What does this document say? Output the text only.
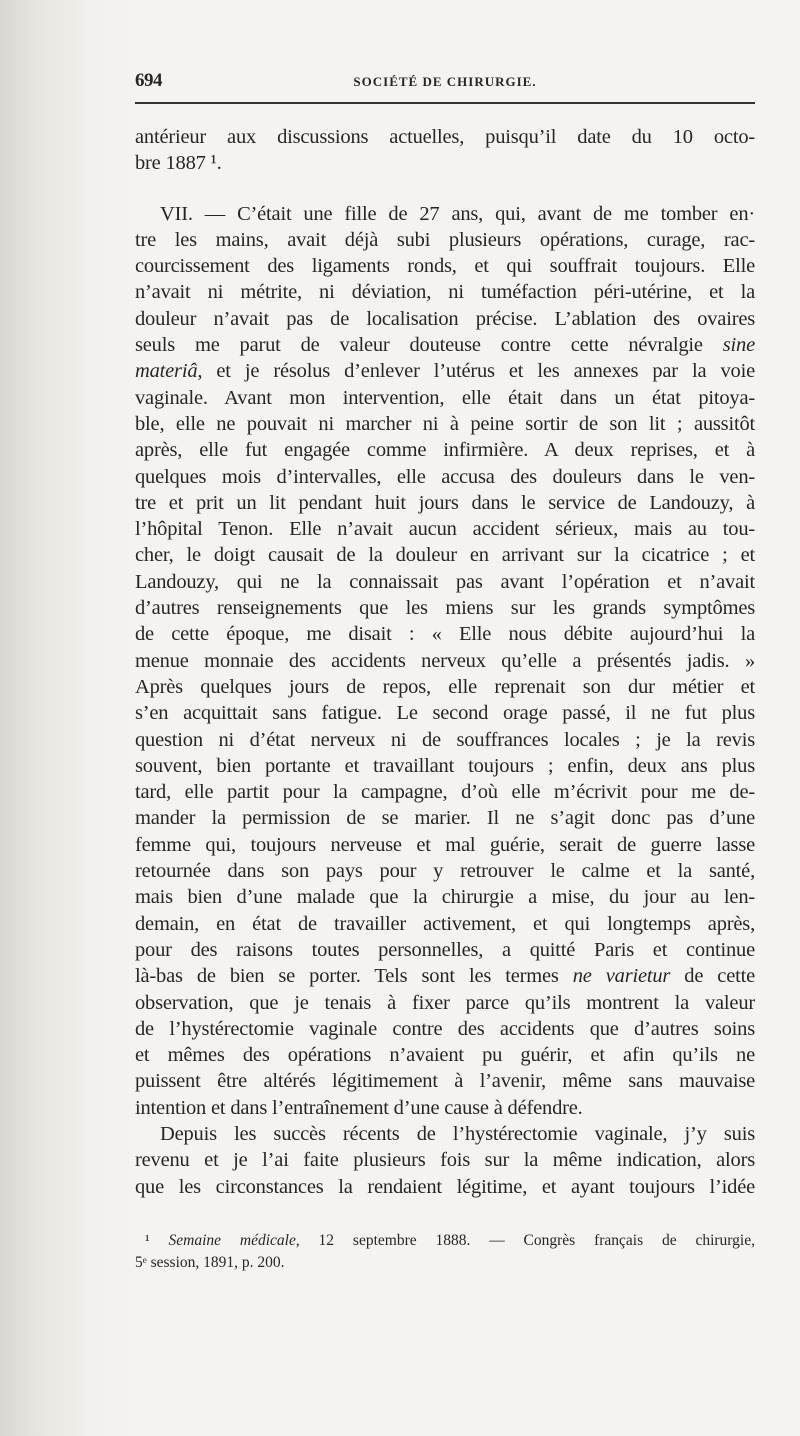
694	SOCIÉTÉ DE CHIRURGIE.
antérieur aux discussions actuelles, puisqu’il date du 10 octo-
bre 1887 ¹.
VII. — C’était une fille de 27 ans, qui, avant de me tomber en·
tre les mains, avait déjà subi plusieurs opérations, curage, rac-
courcissement des ligaments ronds, et qui souffrait toujours. Elle
n’avait ni métrite, ni déviation, ni tuméfaction péri-utérine, et la
douleur n’avait pas de localisation précise. L’ablation des ovaires
seuls me parut de valeur douteuse contre cette névralgie sine
materiâ, et je résolus d’enlever l’utérus et les annexes par la voie
vaginale. Avant mon intervention, elle était dans un état pitoya-
ble, elle ne pouvait ni marcher ni à peine sortir de son lit ; aussitôt
après, elle fut engagée comme infirmière. A deux reprises, et à
quelques mois d’intervalles, elle accusa des douleurs dans le ven-
tre et prit un lit pendant huit jours dans le service de Landouzy, à
l’hôpital Tenon. Elle n’avait aucun accident sérieux, mais au tou-
cher, le doigt causait de la douleur en arrivant sur la cicatrice ; et
Landouzy, qui ne la connaissait pas avant l’opération et n’avait
d’autres renseignements que les miens sur les grands symptômes
de cette époque, me disait : « Elle nous débite aujourd’hui la
menue monnaie des accidents nerveux qu’elle a présentés jadis. »
Après quelques jours de repos, elle reprenait son dur métier et
s’en acquittait sans fatigue. Le second orage passé, il ne fut plus
question ni d’état nerveux ni de souffrances locales ; je la revis
souvent, bien portante et travaillant toujours ; enfin, deux ans plus
tard, elle partit pour la campagne, d’où elle m’écrivit pour me de-
mander la permission de se marier. Il ne s’agit donc pas d’une
femme qui, toujours nerveuse et mal guérie, serait de guerre lasse
retournée dans son pays pour y retrouver le calme et la santé,
mais bien d’une malade que la chirurgie a mise, du jour au len-
demain, en état de travailler activement, et qui longtemps après,
pour des raisons toutes personnelles, a quitté Paris et continue
là-bas de bien se porter. Tels sont les termes ne varietur de cette
observation, que je tenais à fixer parce qu’ils montrent la valeur
de l’hystérectomie vaginale contre des accidents que d’autres soins
et mêmes des opérations n’avaient pu guérir, et afin qu’ils ne
puissent être altérés légitimement à l’avenir, même sans mauvaise
intention et dans l’entraînement d’une cause à défendre.
Depuis les succès récents de l’hystérectomie vaginale, j’y suis
revenu et je l’ai faite plusieurs fois sur la même indication, alors
que les circonstances la rendaient légitime, et ayant toujours l’idée
¹ Semaine médicale, 12 septembre 1888. — Congrès français de chirurgie,
5ᵉ session, 1891, p. 200.
